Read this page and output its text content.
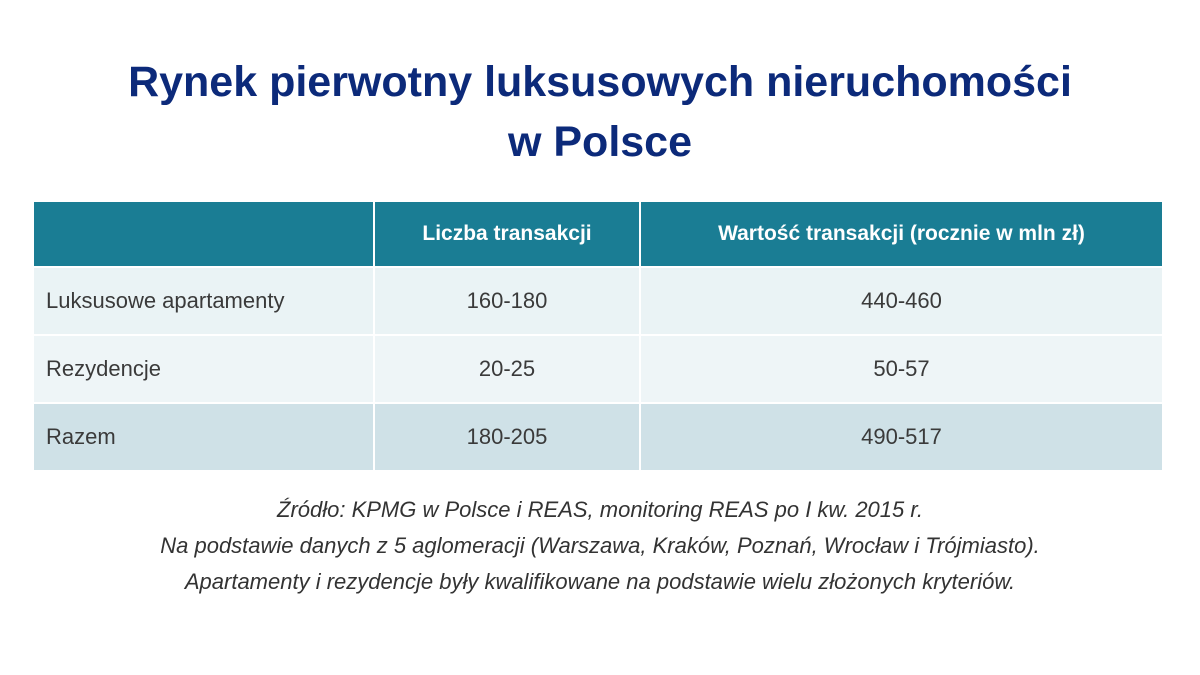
Rynek pierwotny luksusowych nieruchomości
w Polsce
	Liczba transakcji	Wartość transakcji (rocznie w mln zł)
Luksusowe apartamenty	160-180	440-460
Rezydencje	20-25	50-57
Razem	180-205	490-517
Źródło: KPMG w Polsce i REAS, monitoring REAS po I kw. 2015 r.
Na podstawie danych z 5 aglomeracji (Warszawa, Kraków, Poznań, Wrocław i Trójmiasto).
Apartamenty i rezydencje były kwalifikowane na podstawie wielu złożonych kryteriów.
